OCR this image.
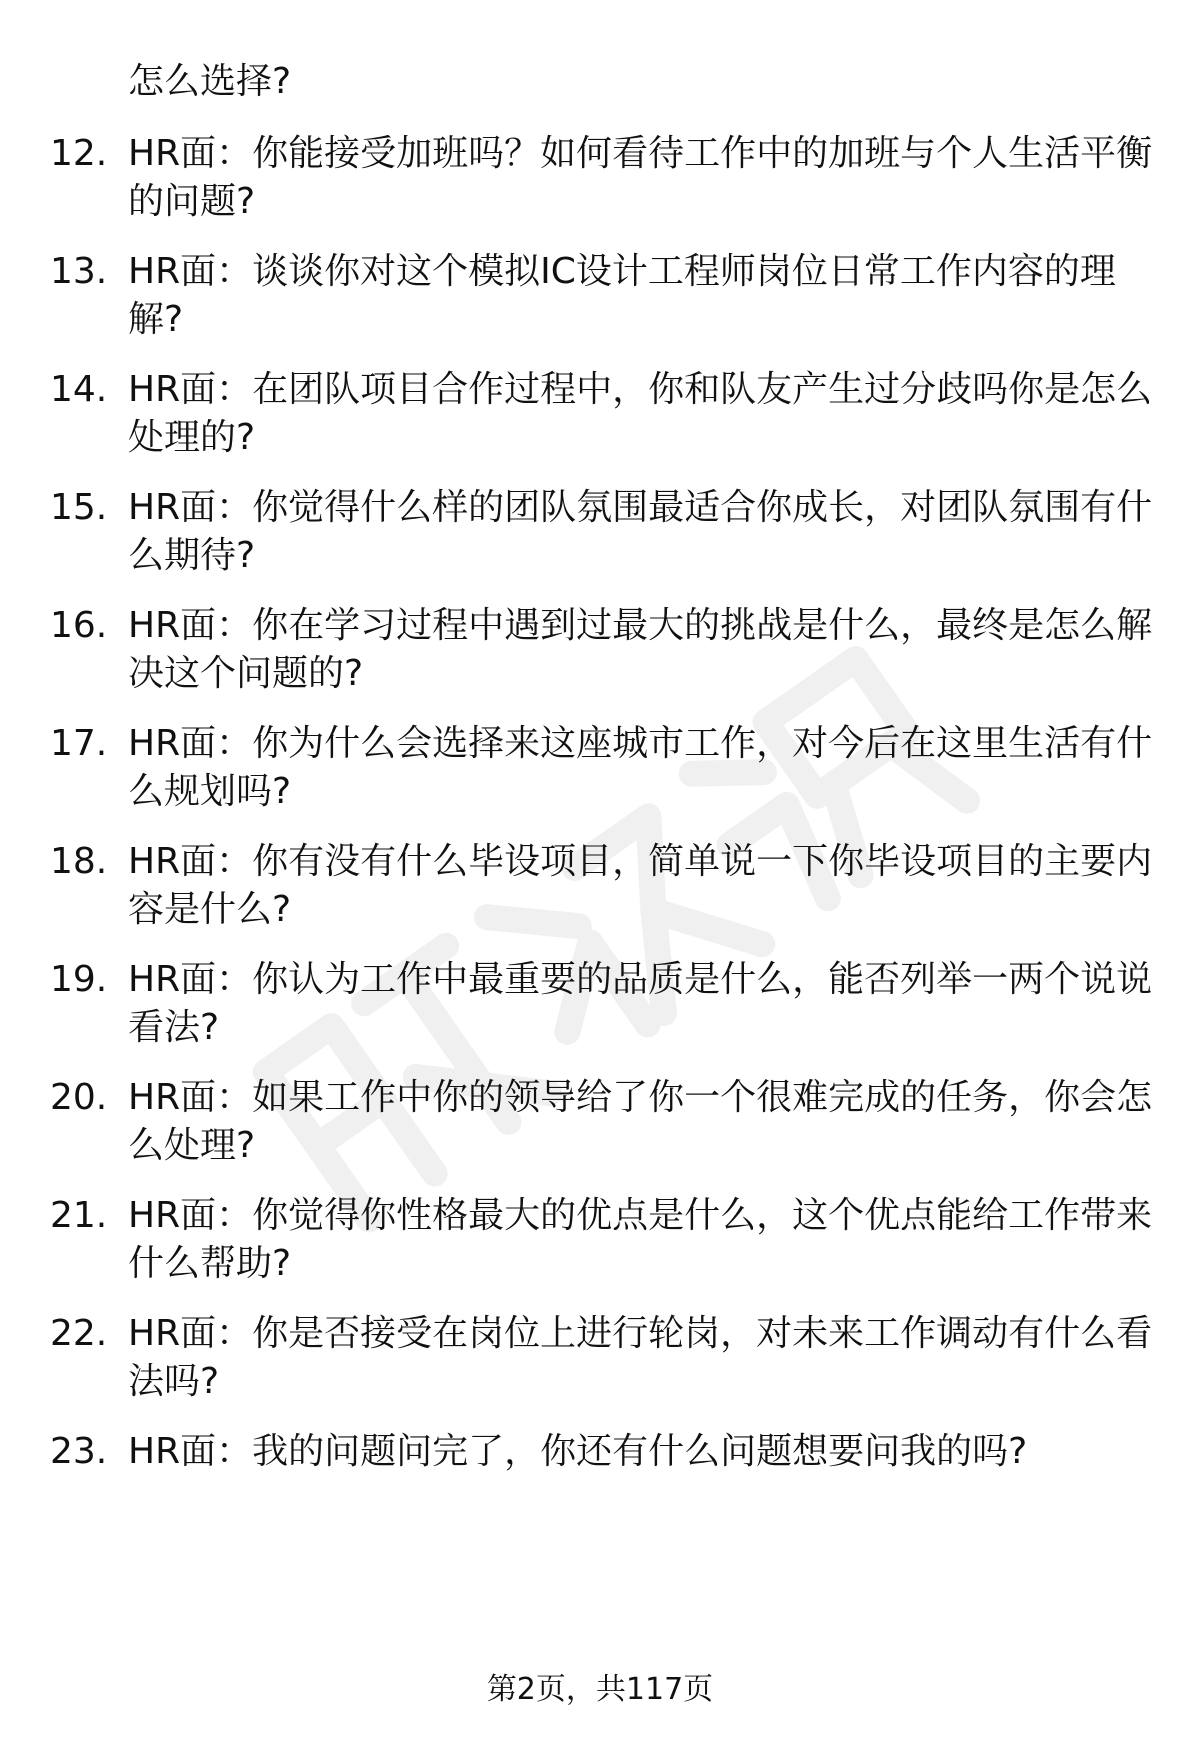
职业资讯
怎么选择?
12. HR面：你能接受加班吗？如何看待工作中的加班与个人生活平衡
的问题?
13. HR面：谈谈你对这个模拟IC设计工程师岗位日常工作内容的理
解?
14. HR面：在团队项目合作过程中，你和队友产生过分歧吗你是怎么
处理的?
15. HR面：你觉得什么样的团队氛围最适合你成长，对团队氛围有什
么期待?
16. HR面：你在学习过程中遇到过最大的挑战是什么，最终是怎么解
决这个问题的?
17. HR面：你为什么会选择来这座城市工作，对今后在这里生活有什
么规划吗?
18. HR面：你有没有什么毕设项目，简单说一下你毕设项目的主要内
容是什么?
19. HR面：你认为工作中最重要的品质是什么，能否列举一两个说说
看法?
20. HR面：如果工作中你的领导给了你一个很难完成的任务，你会怎
么处理?
21. HR面：你觉得你性格最大的优点是什么，这个优点能给工作带来
什么帮助?
22. HR面：你是否接受在岗位上进行轮岗，对未来工作调动有什么看
法吗?
23. HR面：我的问题问完了，你还有什么问题想要问我的吗?
第2页，共117页
